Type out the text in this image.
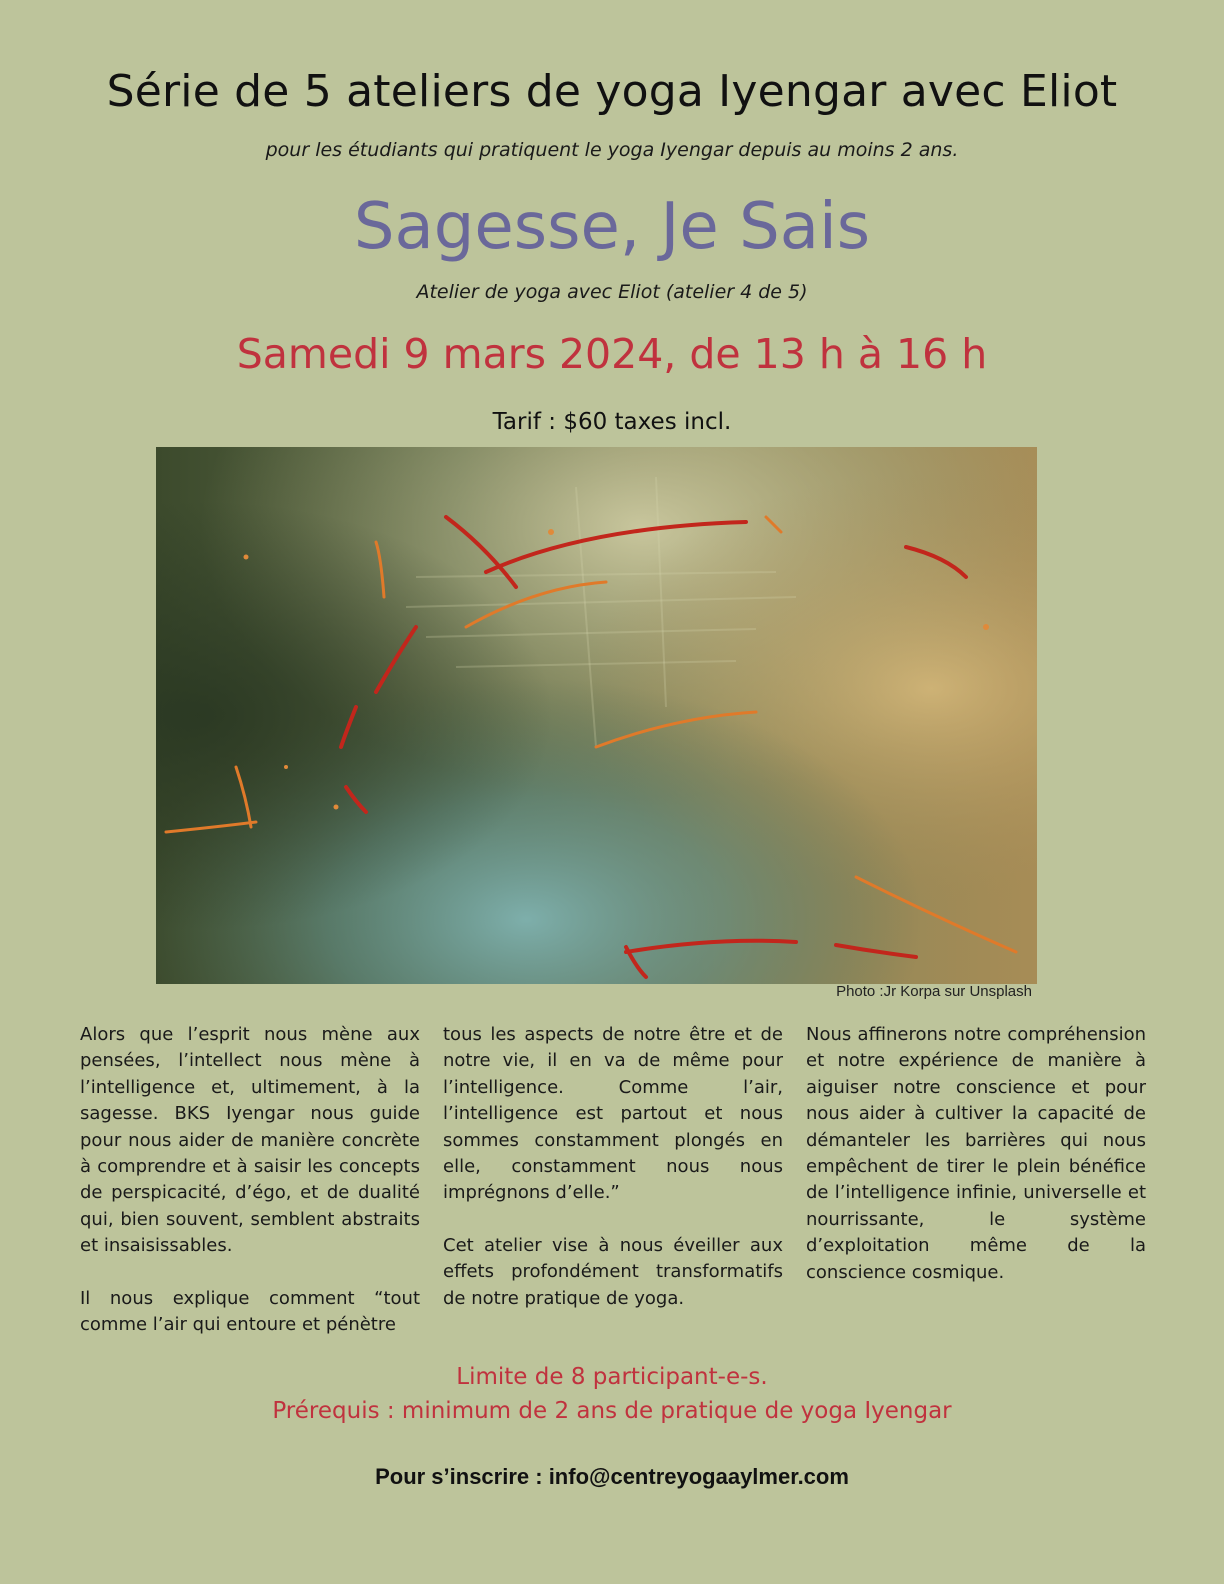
Série de 5 ateliers de yoga Iyengar avec Eliot
pour les étudiants qui pratiquent le yoga Iyengar depuis au moins 2 ans.
Sagesse, Je Sais
Atelier de yoga avec Eliot (atelier 4 de 5)
Samedi 9 mars 2024, de 13 h à 16 h
Tarif : $60 taxes incl.
Photo :Jr Korpa sur Unsplash

Alors que l’esprit nous mène aux pensées, l’intellect nous mène à l’intelligence et, ultimement, à la sagesse. BKS Iyengar nous guide pour nous aider de manière concrète à comprendre et à saisir les concepts de perspicacité, d’égo, et de dualité qui, bien souvent, semblent abstraits et insaisissables.

Il nous explique comment “tout comme l’air qui entoure et pénètre

tous les aspects de notre être et de notre vie, il en va de même pour l’intelligence. Comme l’air, l’intelligence est partout et nous sommes constamment plongés en elle, constamment nous nous imprégnons d’elle.”

Cet atelier vise à nous éveiller aux effets profondément transformatifs de notre pratique de yoga.

Nous affinerons notre compréhension et notre expérience de manière à aiguiser notre conscience et pour nous aider à cultiver la capacité de démanteler les barrières qui nous empêchent de tirer le plein bénéfice de l’intelligence infinie, universelle et nourrissante, le système d’exploitation même de la conscience cosmique.

Limite de 8 participant-e-s.
Prérequis : minimum de 2 ans de pratique de yoga Iyengar
Pour s’inscrire : info@centreyogaaylmer.com
